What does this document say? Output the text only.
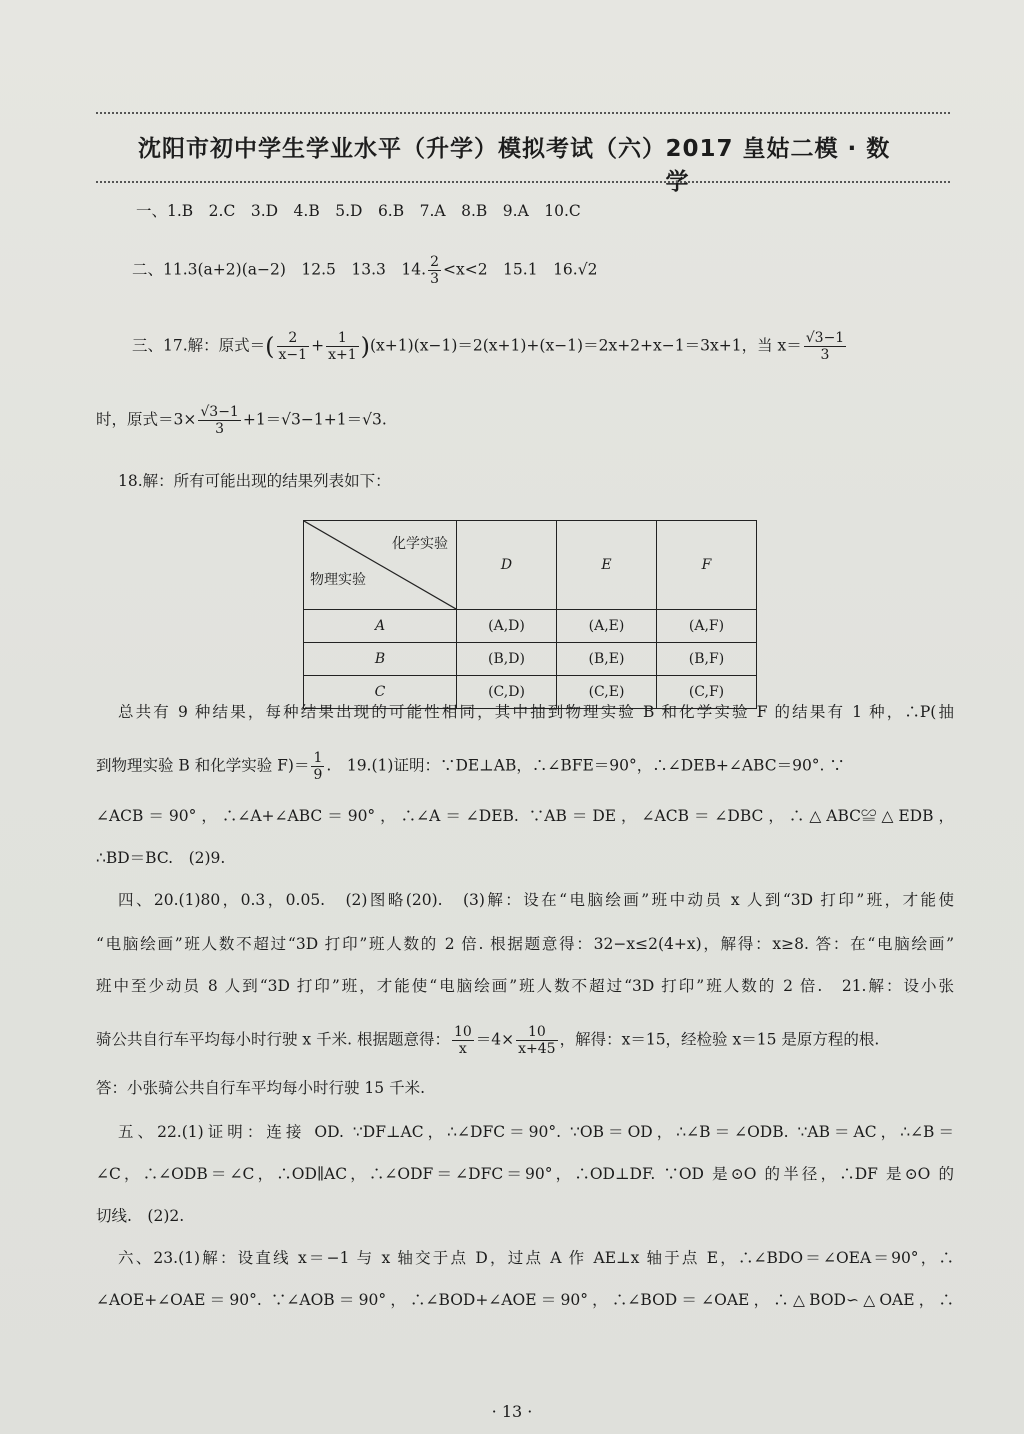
沈阳市初中学生学业水平（升学）模拟考试（六） 2017 皇姑二模 · 数学
一、1.B　2.C　3.D　4.B　5.D　6.B　7.A　8.B　9.A　10.C
二、11.3(a+2)(a−2)　12.5　13.3　14. $\frac{2}{3} <x<2$　15.1　16.√2
三、17.解：原式＝( $\frac{2}{x-1} + \frac{1}{x+1} )(x+1)(x-1)=2(x+1)+(x-1)=2x+2+x-1=3x+1$，当 $x= \frac{√3-1}{3}$
时，原式$=3\times \frac{√3-1}{3} +1=√3-1+1=√3$.
18.解：所有可能出现的结果列表如下：
化学实验
物理实验	D	E	F
A	(A,D)	(A,E)	(A,F)
B	(B,D)	(B,E)	(B,F)
C	(C,D)	(C,E)	(C,F)
总共有 9 种结果，每种结果出现的可能性相同，其中抽到物理实验 B 和化学实验 F 的结果有 1 种，∴P(抽
到物理实验 B 和化学实验 $F)= \frac{1}{9}$ .　19.(1)证明：∵DE⊥AB，∴∠BFE＝90°，∴∠DEB+∠ABC＝90°. ∵
∠ACB＝90°，∴∠A+∠ABC＝90°，∴∠A＝∠DEB. ∵AB＝DE，∠ACB＝∠DBC，∴△ABC≌△EDB，
∴BD＝BC.　(2)9.
四、20.(1)80，0.3，0.05.　(2)图略(20).　(3)解：设在“电脑绘画”班中动员 x 人到“3D 打印”班，才能使
“电脑绘画”班人数不超过“3D 打印”班人数的 2 倍. 根据题意得：32−x≤2(4+x)，解得：x≥8. 答：在“电脑绘画”
班中至少动员 8 人到“3D 打印”班，才能使“电脑绘画”班人数不超过“3D 打印”班人数的 2 倍.　21.解：设小张
骑公共自行车平均每小时行驶 x 千米. 根据题意得： $\frac{10}{x} =4\times \frac{10}{x+45}$ ，解得：x＝15，经检验 x＝15 是原方程的根.
答：小张骑公共自行车平均每小时行驶 15 千米.
五、22.(1)证明：连接 OD. ∵DF⊥AC，∴∠DFC＝90°. ∵OB＝OD，∴∠B＝∠ODB. ∵AB＝AC，∴∠B＝
∠C，∴∠ODB＝∠C，∴OD∥AC，∴∠ODF＝∠DFC＝90°，∴OD⊥DF. ∵OD 是⊙O 的半径，∴DF 是⊙O 的
切线.　(2)2.
六、23.(1)解：设直线 x＝−1 与 x 轴交于点 D，过点 A 作 AE⊥x 轴于点 E，∴∠BDO＝∠OEA＝90°，∴
∠AOE+∠OAE＝90°. ∵∠AOB＝90°，∴∠BOD+∠AOE＝90°，∴∠BOD＝∠OAE，∴△BOD∽△OAE，∴
· 13 ·
